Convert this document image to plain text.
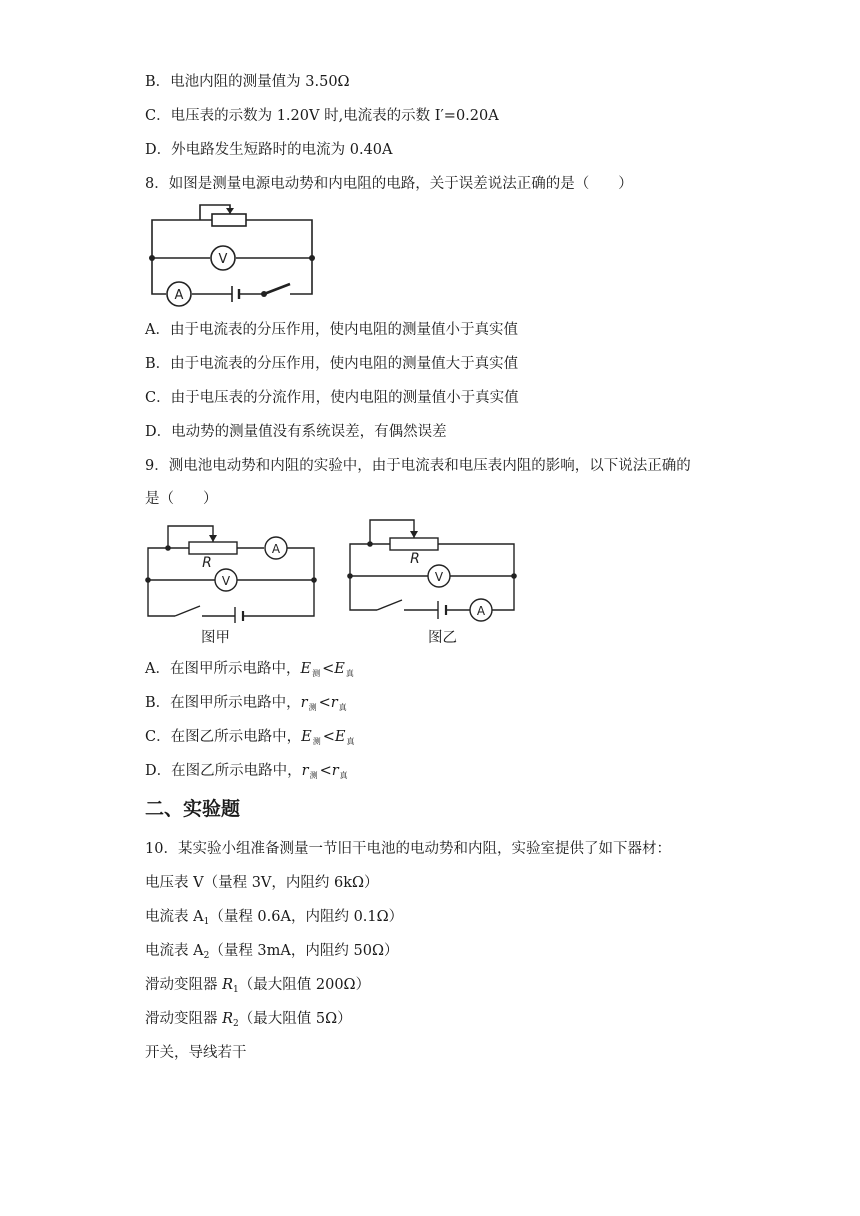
B．电池内阻的测量值为 3.50Ω
C．电压表的示数为 1.20V 时,电流表的示数 I′=0.20A
D．外电路发生短路时的电流为 0.40A
8．如图是测量电源电动势和内电阻的电路，关于误差说法正确的是（　　）
V
A
A．由于电流表的分压作用，使内电阻的测量值小于真实值
B．由于电流表的分压作用，使内电阻的测量值大于真实值
C．由于电压表的分流作用，使内电阻的测量值小于真实值
D．电动势的测量值没有系统误差，有偶然误差
9．测电池电动势和内阻的实验中，由于电流表和电压表内阻的影响，以下说法正确的
是（　　）
R
A
V
图甲
R
V
A
图乙
A．在图甲所示电路中，$E_测 <E_真$
B．在图甲所示电路中，$r_测 <r_真$
C．在图乙所示电路中，$E_测 <E_真$
D．在图乙所示电路中，$r_测 <r_真$
二、实验题
10．某实验小组准备测量一节旧干电池的电动势和内阻，实验室提供了如下器材：
电压表 V（量程 3V，内阻约 6kΩ）
电流表 $A_1$（量程 0.6A，内阻约 0.1Ω）
电流表 $A_2$（量程 3mA，内阻约 50Ω）
滑动变阻器 $R_1$（最大阻值 200Ω）
滑动变阻器 $R_2$（最大阻值 5Ω）
开关，导线若干
